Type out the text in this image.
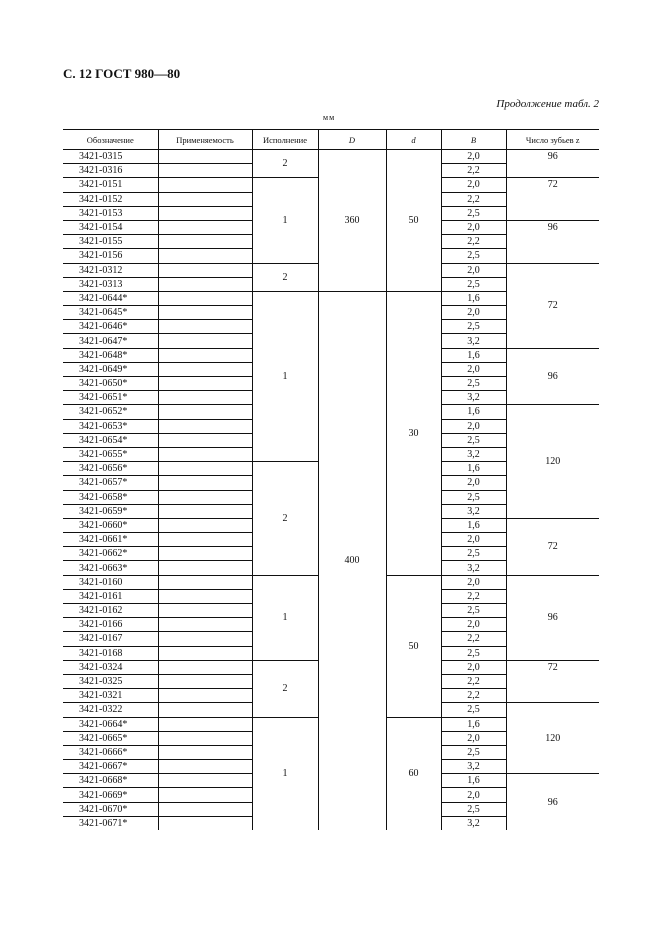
С. 12 ГОСТ 980—80
Продолжение табл. 2
мм
Обозначение	Применяемость	Исполнение	D	d	B	Число зубьев z
3421-0315		2	360	50	2,0	96
3421-0316					2,2	
3421-0151		1			2,0	72
3421-0152					2,2	
3421-0153					2,5	
3421-0154					2,0	96
3421-0155					2,2	
3421-0156					2,5	
3421-0312		2			2,0	72
3421-0313					2,5	
3421-0644*		1	400	30	1,6	
3421-0645*					2,0	
3421-0646*					2,5	
3421-0647*					3,2	
3421-0648*					1,6	96
3421-0649*					2,0	
3421-0650*					2,5	
3421-0651*					3,2	
3421-0652*					1,6	120
3421-0653*					2,0	
3421-0654*					2,5	
3421-0655*					3,2	
3421-0656*		2			1,6	
3421-0657*					2,0	
3421-0658*					2,5	
3421-0659*					3,2	
3421-0660*					1,6	72
3421-0661*					2,0	
3421-0662*					2,5	
3421-0663*					3,2	
3421-0160		1		50	2,0	96
3421-0161					2,2	
3421-0162					2,5	
3421-0166					2,0	
3421-0167					2,2	
3421-0168					2,5	
3421-0324		2			2,0	72
3421-0325					2,2	
3421-0321					2,2	
3421-0322					2,5	120
3421-0664*		1		60	1,6	
3421-0665*					2,0	
3421-0666*					2,5	
3421-0667*					3,2	
3421-0668*					1,6	96
3421-0669*					2,0	
3421-0670*					2,5	
3421-0671*					3,2	
